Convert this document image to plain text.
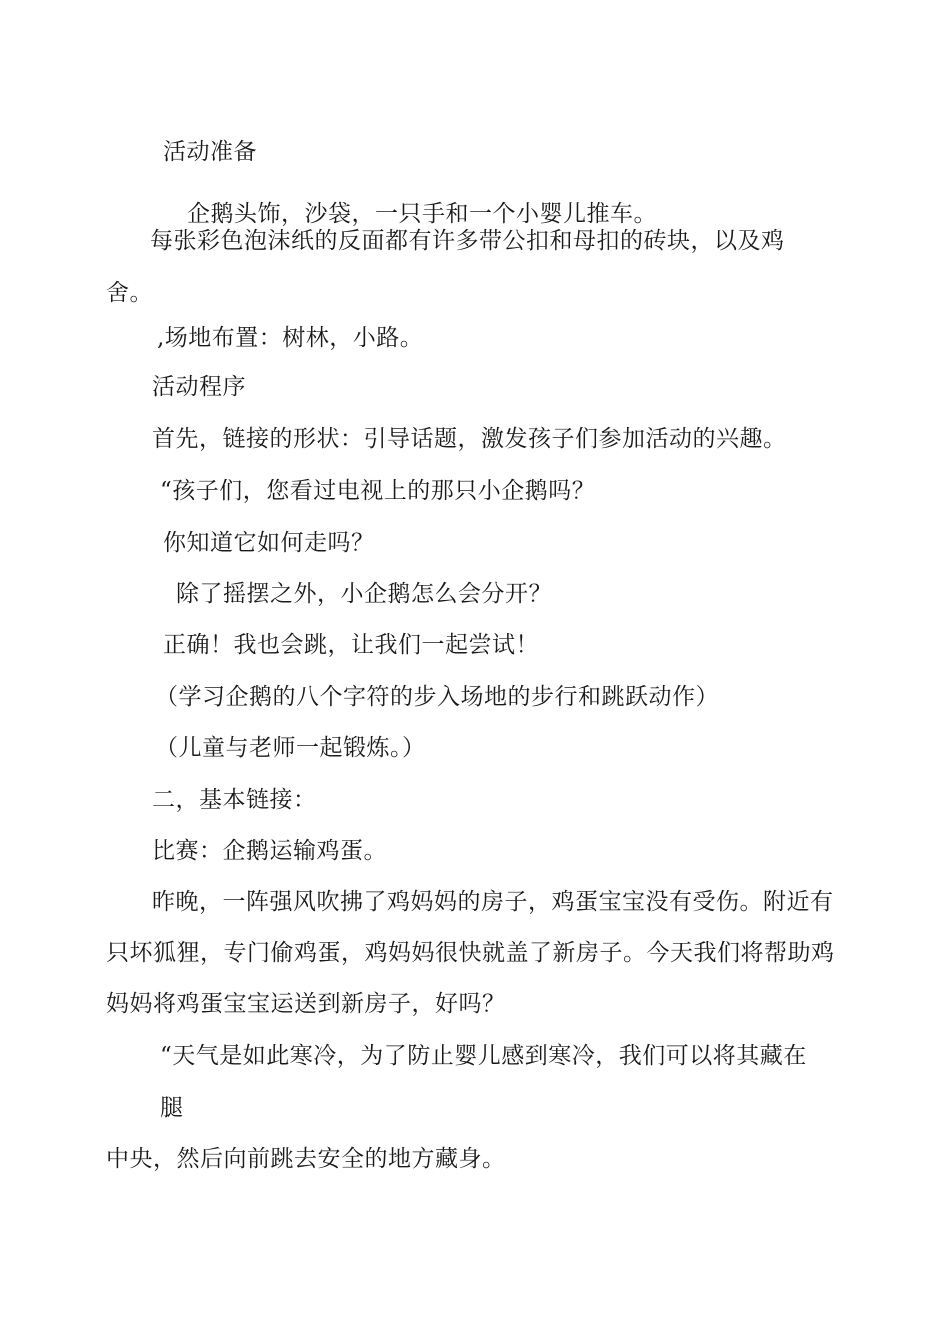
活动准备
企鹅头饰，沙袋，一只手和一个小婴儿推车。
每张彩色泡沫纸的反面都有许多带公扣和母扣的砖块，以及鸡
舍。
,场地布置：树林，小路。
活动程序
首先，链接的形状：引导话题，激发孩子们参加活动的兴趣。
“孩子们，您看过电视上的那只小企鹅吗？
你知道它如何走吗？
除了摇摆之外，小企鹅怎么会分开？
正确！我也会跳，让我们一起尝试！
（学习企鹅的八个字符的步入场地的步行和跳跃动作）
（儿童与老师一起锻炼。）
二，基本链接：
比赛：企鹅运输鸡蛋。
昨晚，一阵强风吹拂了鸡妈妈的房子，鸡蛋宝宝没有受伤。附近有
只坏狐狸，专门偷鸡蛋，鸡妈妈很快就盖了新房子。今天我们将帮助鸡
妈妈将鸡蛋宝宝运送到新房子，好吗？
“天气是如此寒冷，为了防止婴儿感到寒冷，我们可以将其藏在
腿
中央，然后向前跳去安全的地方藏身。
